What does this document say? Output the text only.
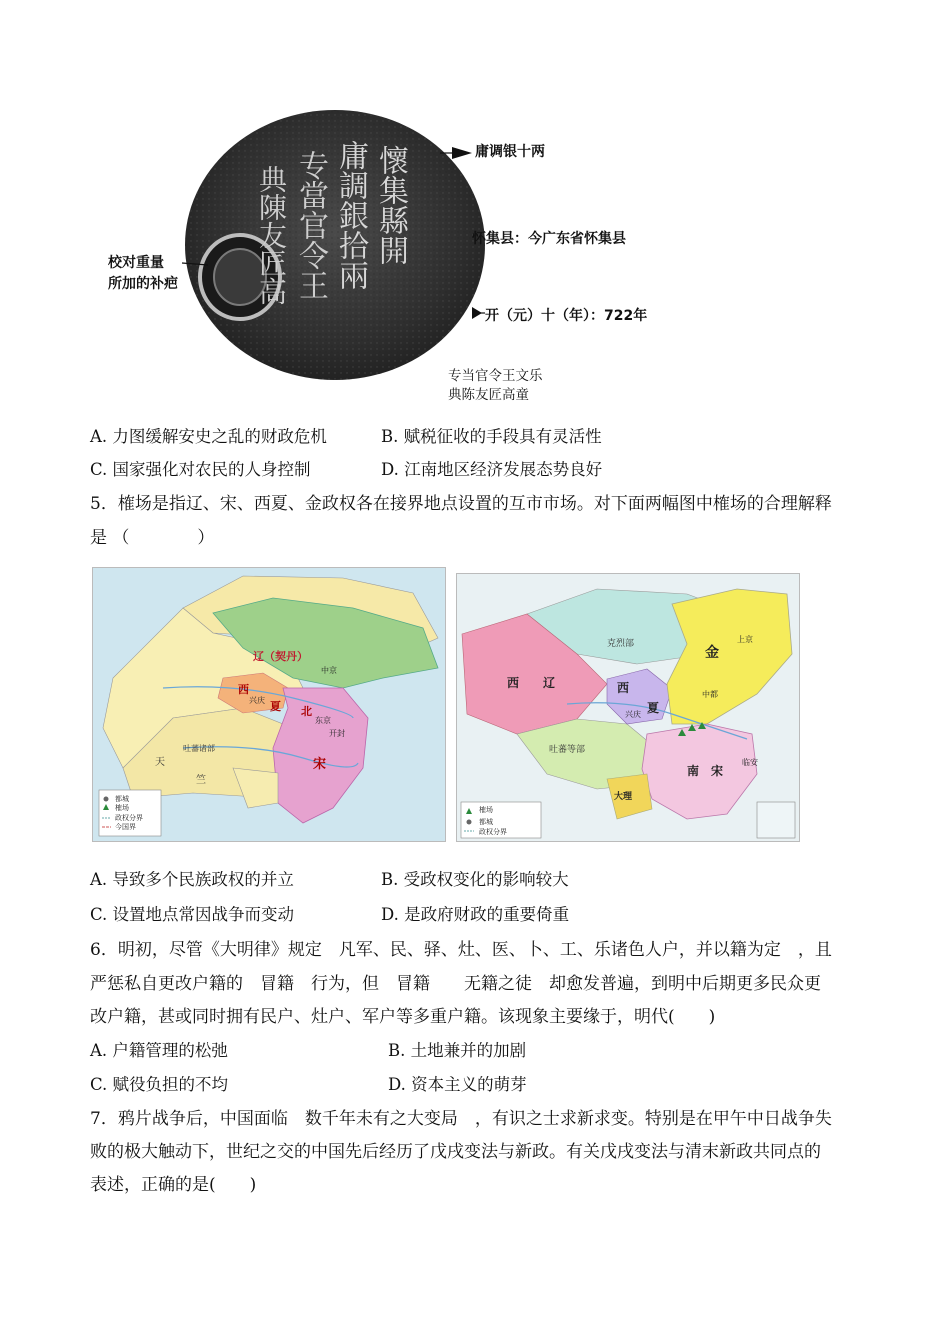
懷集縣開
庸調銀拾兩
专當官令王
典陳友匠高
庸调银十两
怀集县：今广东省怀集县
开（元）十（年）：722年
专当官令王文乐
典陈友匠高童
校对重量
所加的补疤
A. 力图缓解安史之乱的财政危机	B. 赋税征收的手段具有灵活性
C. 国家强化对农民的人身控制	D. 江南地区经济发展态势良好
5．榷场是指辽、宋、西夏、金政权各在接界地点设置的互市市场。对下面两幅图中榷场的合理解释
是 （　　　　）
辽（契丹）
西
夏 北
宋
中京
东京
开封
兴庆
吐蕃诸部
天
竺
都城
榷场
政权分界
今国界
西　　辽	西
夏
金
南　宋
大理
上京
中都
兴庆
临安
克烈部
吐蕃等部
榷场
都城
政权分界
A. 导致多个民族政权的并立	B. 受政权变化的影响较大
C. 设置地点常因战争而变动	D. 是政府财政的重要倚重
6．明初，尽管《大明律》规定　凡军、民、驿、灶、医、卜、工、乐诸色人户，并以籍为定　，且
严惩私自更改户籍的　冒籍　行为，但　冒籍　　无籍之徒　却愈发普遍，到明中后期更多民众更
改户籍，甚或同时拥有民户、灶户、军户等多重户籍。该现象主要缘于，明代(　　)
A. 户籍管理的松弛	B. 土地兼并的加剧
C. 赋役负担的不均	D. 资本主义的萌芽
7．鸦片战争后，中国面临　数千年未有之大变局　，有识之士求新求变。特别是在甲午中日战争失
败的极大触动下，世纪之交的中国先后经历了戊戌变法与新政。有关戊戌变法与清末新政共同点的
表述，正确的是(　　)
